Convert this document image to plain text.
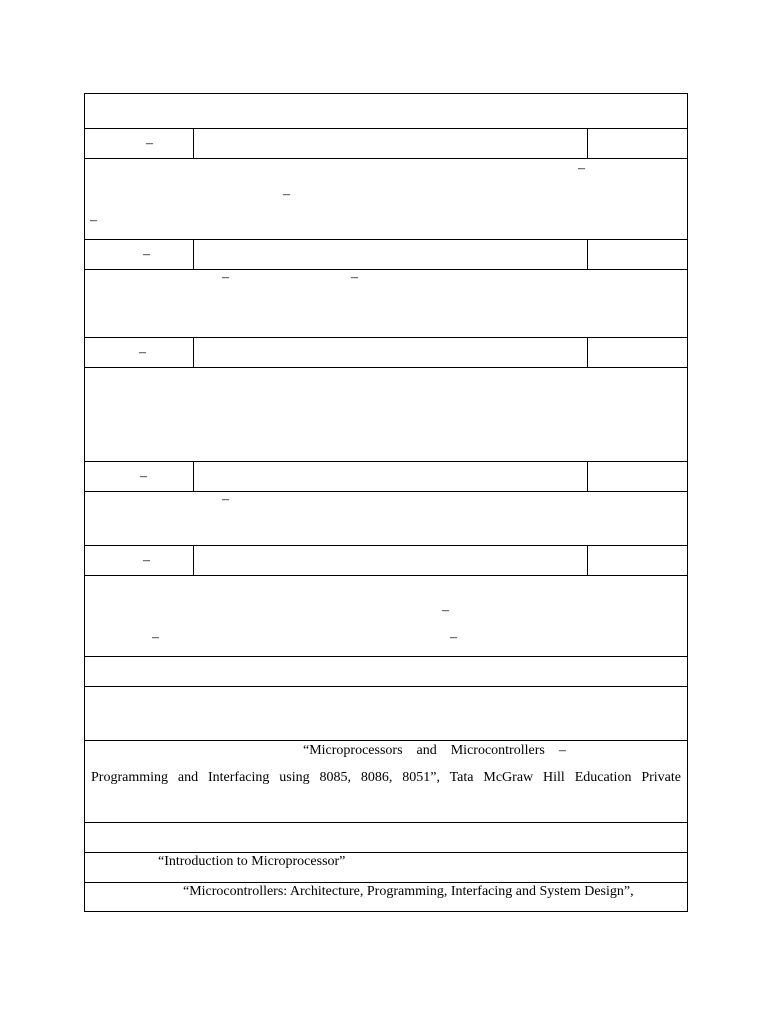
–
–
–
–
–
–	–
–
–
–
–
–
–	–
“Microprocessors    and    Microcontrollers    –
Programming and Interfacing using 8085, 8086, 8051”, Tata McGraw Hill Education Private
“Introduction to Microprocessor”
“Microcontrollers: Architecture, Programming, Interfacing and System Design”,
